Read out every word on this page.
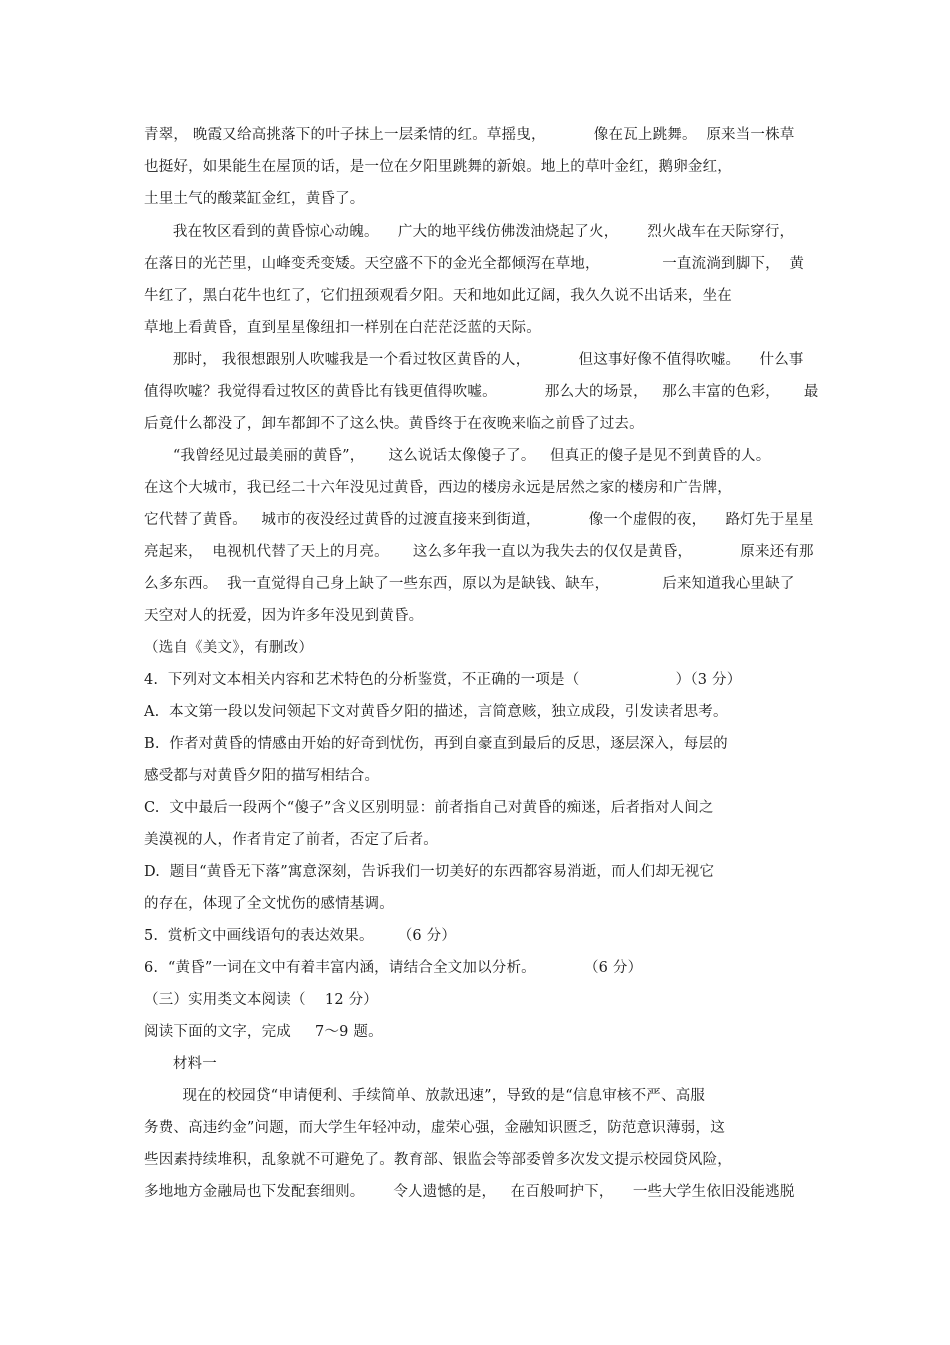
青翠， 晚霞又给高挑落下的叶子抹上一层柔情的红。草摇曳，          像在瓦上跳舞。  原来当一株草
也挺好，如果能生在屋顶的话，是一位在夕阳里跳舞的新娘。地上的草叶金红，鹅卵金红，
土里土气的酸菜缸金红，黄昏了。
我在牧区看到的黄昏惊心动魄。    广大的地平线仿佛泼油烧起了火，      烈火战车在天际穿行，
在落日的光芒里，山峰变秃变矮。天空盛不下的金光全都倾泻在草地，             一直流淌到脚下，  黄
牛红了，黑白花牛也红了，它们扭颈观看夕阳。天和地如此辽阔，我久久说不出话来，坐在
草地上看黄昏，直到星星像纽扣一样别在白茫茫泛蓝的天际。
那时， 我很想跟别人吹嘘我是一个看过牧区黄昏的人，          但这事好像不值得吹嘘。    什么事
值得吹嘘？我觉得看过牧区的黄昏比有钱更值得吹嘘。          那么大的场景，   那么丰富的色彩，     最
后竟什么都没了，卸车都卸不了这么快。黄昏终于在夜晚来临之前昏了过去。
“我曾经见过最美丽的黄昏”，     这么说话太像傻子了。   但真正的傻子是见不到黄昏的人。
在这个大城市，我已经二十六年没见过黄昏，西边的楼房永远是居然之家的楼房和广告牌，
它代替了黄昏。   城市的夜没经过黄昏的过渡直接来到街道，          像一个虚假的夜，    路灯先于星星
亮起来，  电视机代替了天上的月亮。     这么多年我一直以为我失去的仅仅是黄昏，          原来还有那
么多东西。  我一直觉得自己身上缺了一些东西，原以为是缺钱、缺车，           后来知道我心里缺了
天空对人的抚爱，因为许多年没见到黄昏。
（选自《美文》，有删改）
4.  下列对文本相关内容和艺术特色的分析鉴赏，不正确的一项是（                    ）（3 分）
A.  本文第一段以发问领起下文对黄昏夕阳的描述，言简意赅，独立成段，引发读者思考。
B.  作者对黄昏的情感由开始的好奇到忧伤，再到自豪直到最后的反思，逐层深入，每层的
感受都与对黄昏夕阳的描写相结合。
C.  文中最后一段两个“傻子”含义区别明显：前者指自己对黄昏的痴迷，后者指对人间之
美漠视的人，作者肯定了前者，否定了后者。
D.  题目“黄昏无下落”寓意深刻，告诉我们一切美好的东西都容易消逝，而人们却无视它
的存在，体现了全文忧伤的感情基调。
5.  赏析文中画线语句的表达效果。     （6 分）
6.  “黄昏”一词在文中有着丰富内涵，请结合全文加以分析。          （6 分）
（三）实用类文本阅读（    12 分）
阅读下面的文字，完成     7～9 题。
材料一
现在的校园贷“申请便利、手续简单、放款迅速”，导致的是“信息审核不严、高服
务费、高违约金”问题，而大学生年轻冲动，虚荣心强，金融知识匮乏，防范意识薄弱，这
些因素持续堆积，乱象就不可避免了。教育部、银监会等部委曾多次发文提示校园贷风险，
多地地方金融局也下发配套细则。      令人遗憾的是，   在百般呵护下，    一些大学生依旧没能逃脱
